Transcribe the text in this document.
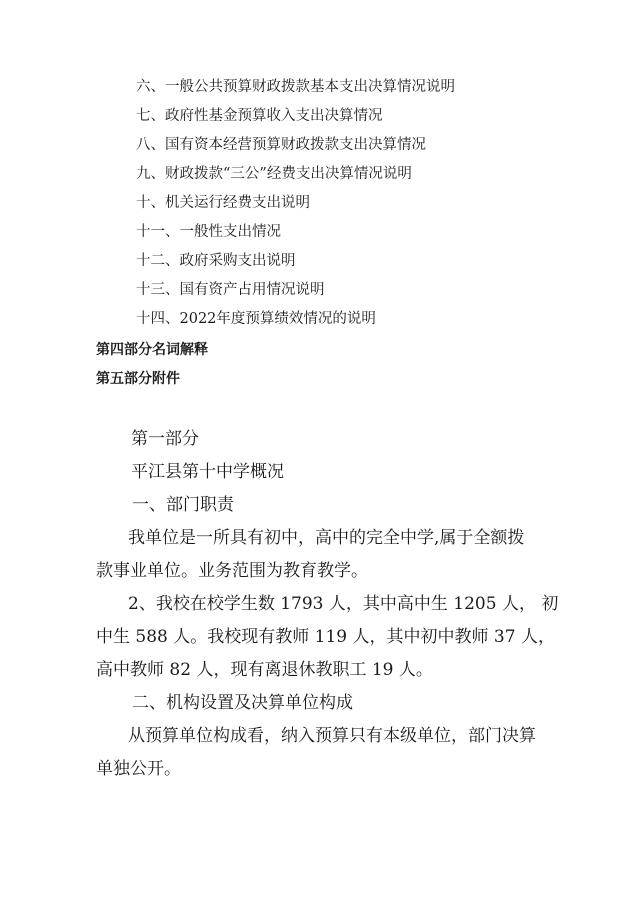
六、一般公共预算财政拨款基本支出决算情况说明
七、政府性基金预算收入支出决算情况
八、国有资本经营预算财政拨款支出决算情况
九、财政拨款“三公”经费支出决算情况说明
十、机关运行经费支出说明
十一、一般性支出情况
十二、政府采购支出说明
十三、国有资产占用情况说明
十四、2022年度预算绩效情况的说明
第四部分名词解释
第五部分附件
第一部分
平江县第十中学概况
一、部门职责
我单位是一所具有初中，高中的完全中学,属于全额拨
款事业单位。业务范围为教育教学。
2、我校在校学生数 1793 人，其中高中生 1205 人， 初
中生 588 人。我校现有教师 119 人，其中初中教师 37 人，
高中教师 82 人，现有离退休教职工 19 人。
二、机构设置及决算单位构成
从预算单位构成看，纳入预算只有本级单位，部门决算
单独公开。
